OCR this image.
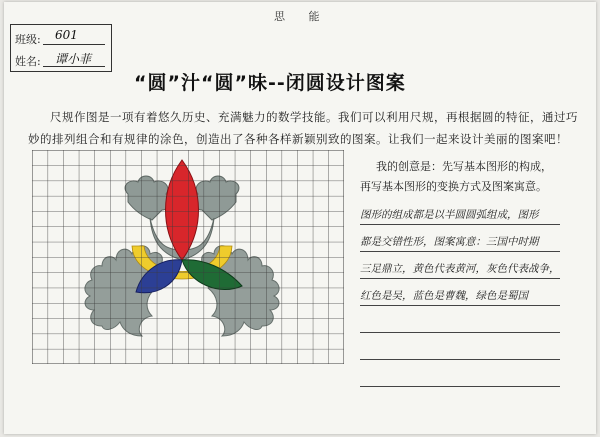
思 能
班级: 601
姓名: 谭小菲
“圆”汁“圆”味--闭圆设计图案
尺规作图是一项有着悠久历史、充满魅力的数学技能。我们可以利用尺规，再根据圆的特征，通过巧妙的排列组合和有规律的涂色，创造出了各种各样新颖别致的图案。让我们一起来设计美丽的图案吧！
我的创意是：先写基本图形的构成，
再写基本图形的变换方式及图案寓意。
图形的组成都是以半圆圆弧组成，图形
都是交错性形，图案寓意：三国中时期
三足鼎立，黄色代表黄河，灰色代表战争，
红色是吴，蓝色是曹魏，绿色是蜀国
